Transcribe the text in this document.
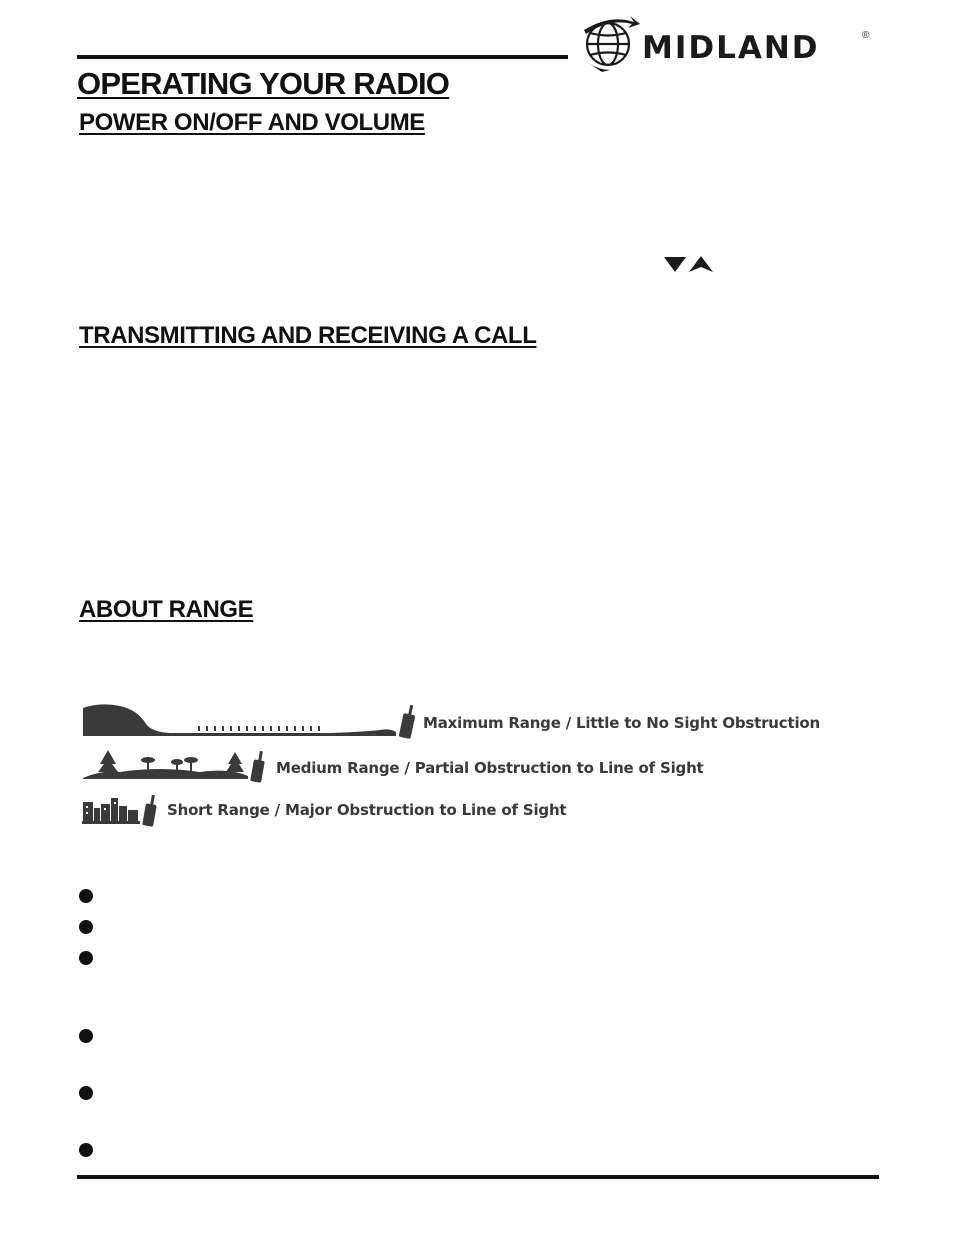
MIDLAND	®
OPERATING YOUR RADIO
POWER ON/OFF AND VOLUME
TRANSMITTING AND RECEIVING A CALL
ABOUT RANGE
Maximum Range / Little to No Sight Obstruction
Medium Range / Partial Obstruction to Line of Sight
Short Range / Major Obstruction to Line of Sight
